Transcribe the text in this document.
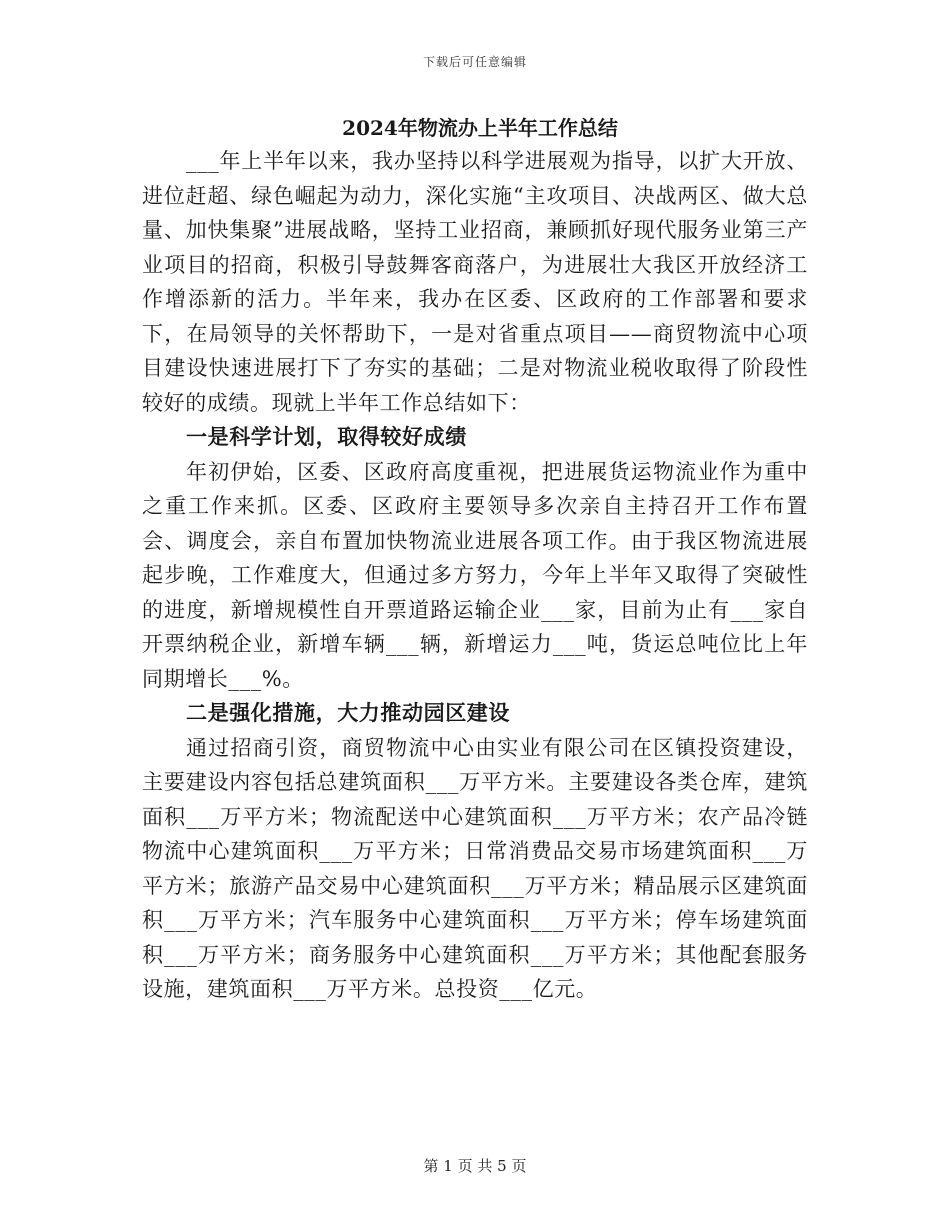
下载后可任意编辑
2024年物流办上半年工作总结

___年上半年以来，我办坚持以科学进展观为指导，以扩大开放、进位赶超、绿色崛起为动力，深化实施“主攻项目、决战两区、做大总量、加快集聚”进展战略，坚持工业招商，兼顾抓好现代服务业第三产业项目的招商，积极引导鼓舞客商落户，为进展壮大我区开放经济工作增添新的活力。半年来，我办在区委、区政府的工作部署和要求下，在局领导的关怀帮助下，一是对省重点项目——商贸物流中心项目建设快速进展打下了夯实的基础；二是对物流业税收取得了阶段性较好的成绩。现就上半年工作总结如下：

一是科学计划，取得较好成绩

年初伊始，区委、区政府高度重视，把进展货运物流业作为重中之重工作来抓。区委、区政府主要领导多次亲自主持召开工作布置会、调度会，亲自布置加快物流业进展各项工作。由于我区物流进展起步晚，工作难度大，但通过多方努力，今年上半年又取得了突破性的进度，新增规模性自开票道路运输企业___家，目前为止有___家自开票纳税企业，新增车辆___辆，新增运力___吨，货运总吨位比上年同期增长___%。

二是强化措施，大力推动园区建设

通过招商引资，商贸物流中心由实业有限公司在区镇投资建设，主要建设内容包括总建筑面积___万平方米。主要建设各类仓库，建筑面积___万平方米；物流配送中心建筑面积___万平方米；农产品冷链物流中心建筑面积___万平方米；日常消费品交易市场建筑面积___万平方米；旅游产品交易中心建筑面积___万平方米；精品展示区建筑面积___万平方米；汽车服务中心建筑面积___万平方米；停车场建筑面积___万平方米；商务服务中心建筑面积___万平方米；其他配套服务设施，建筑面积___万平方米。总投资___亿元。

第 1 页 共 5 页
